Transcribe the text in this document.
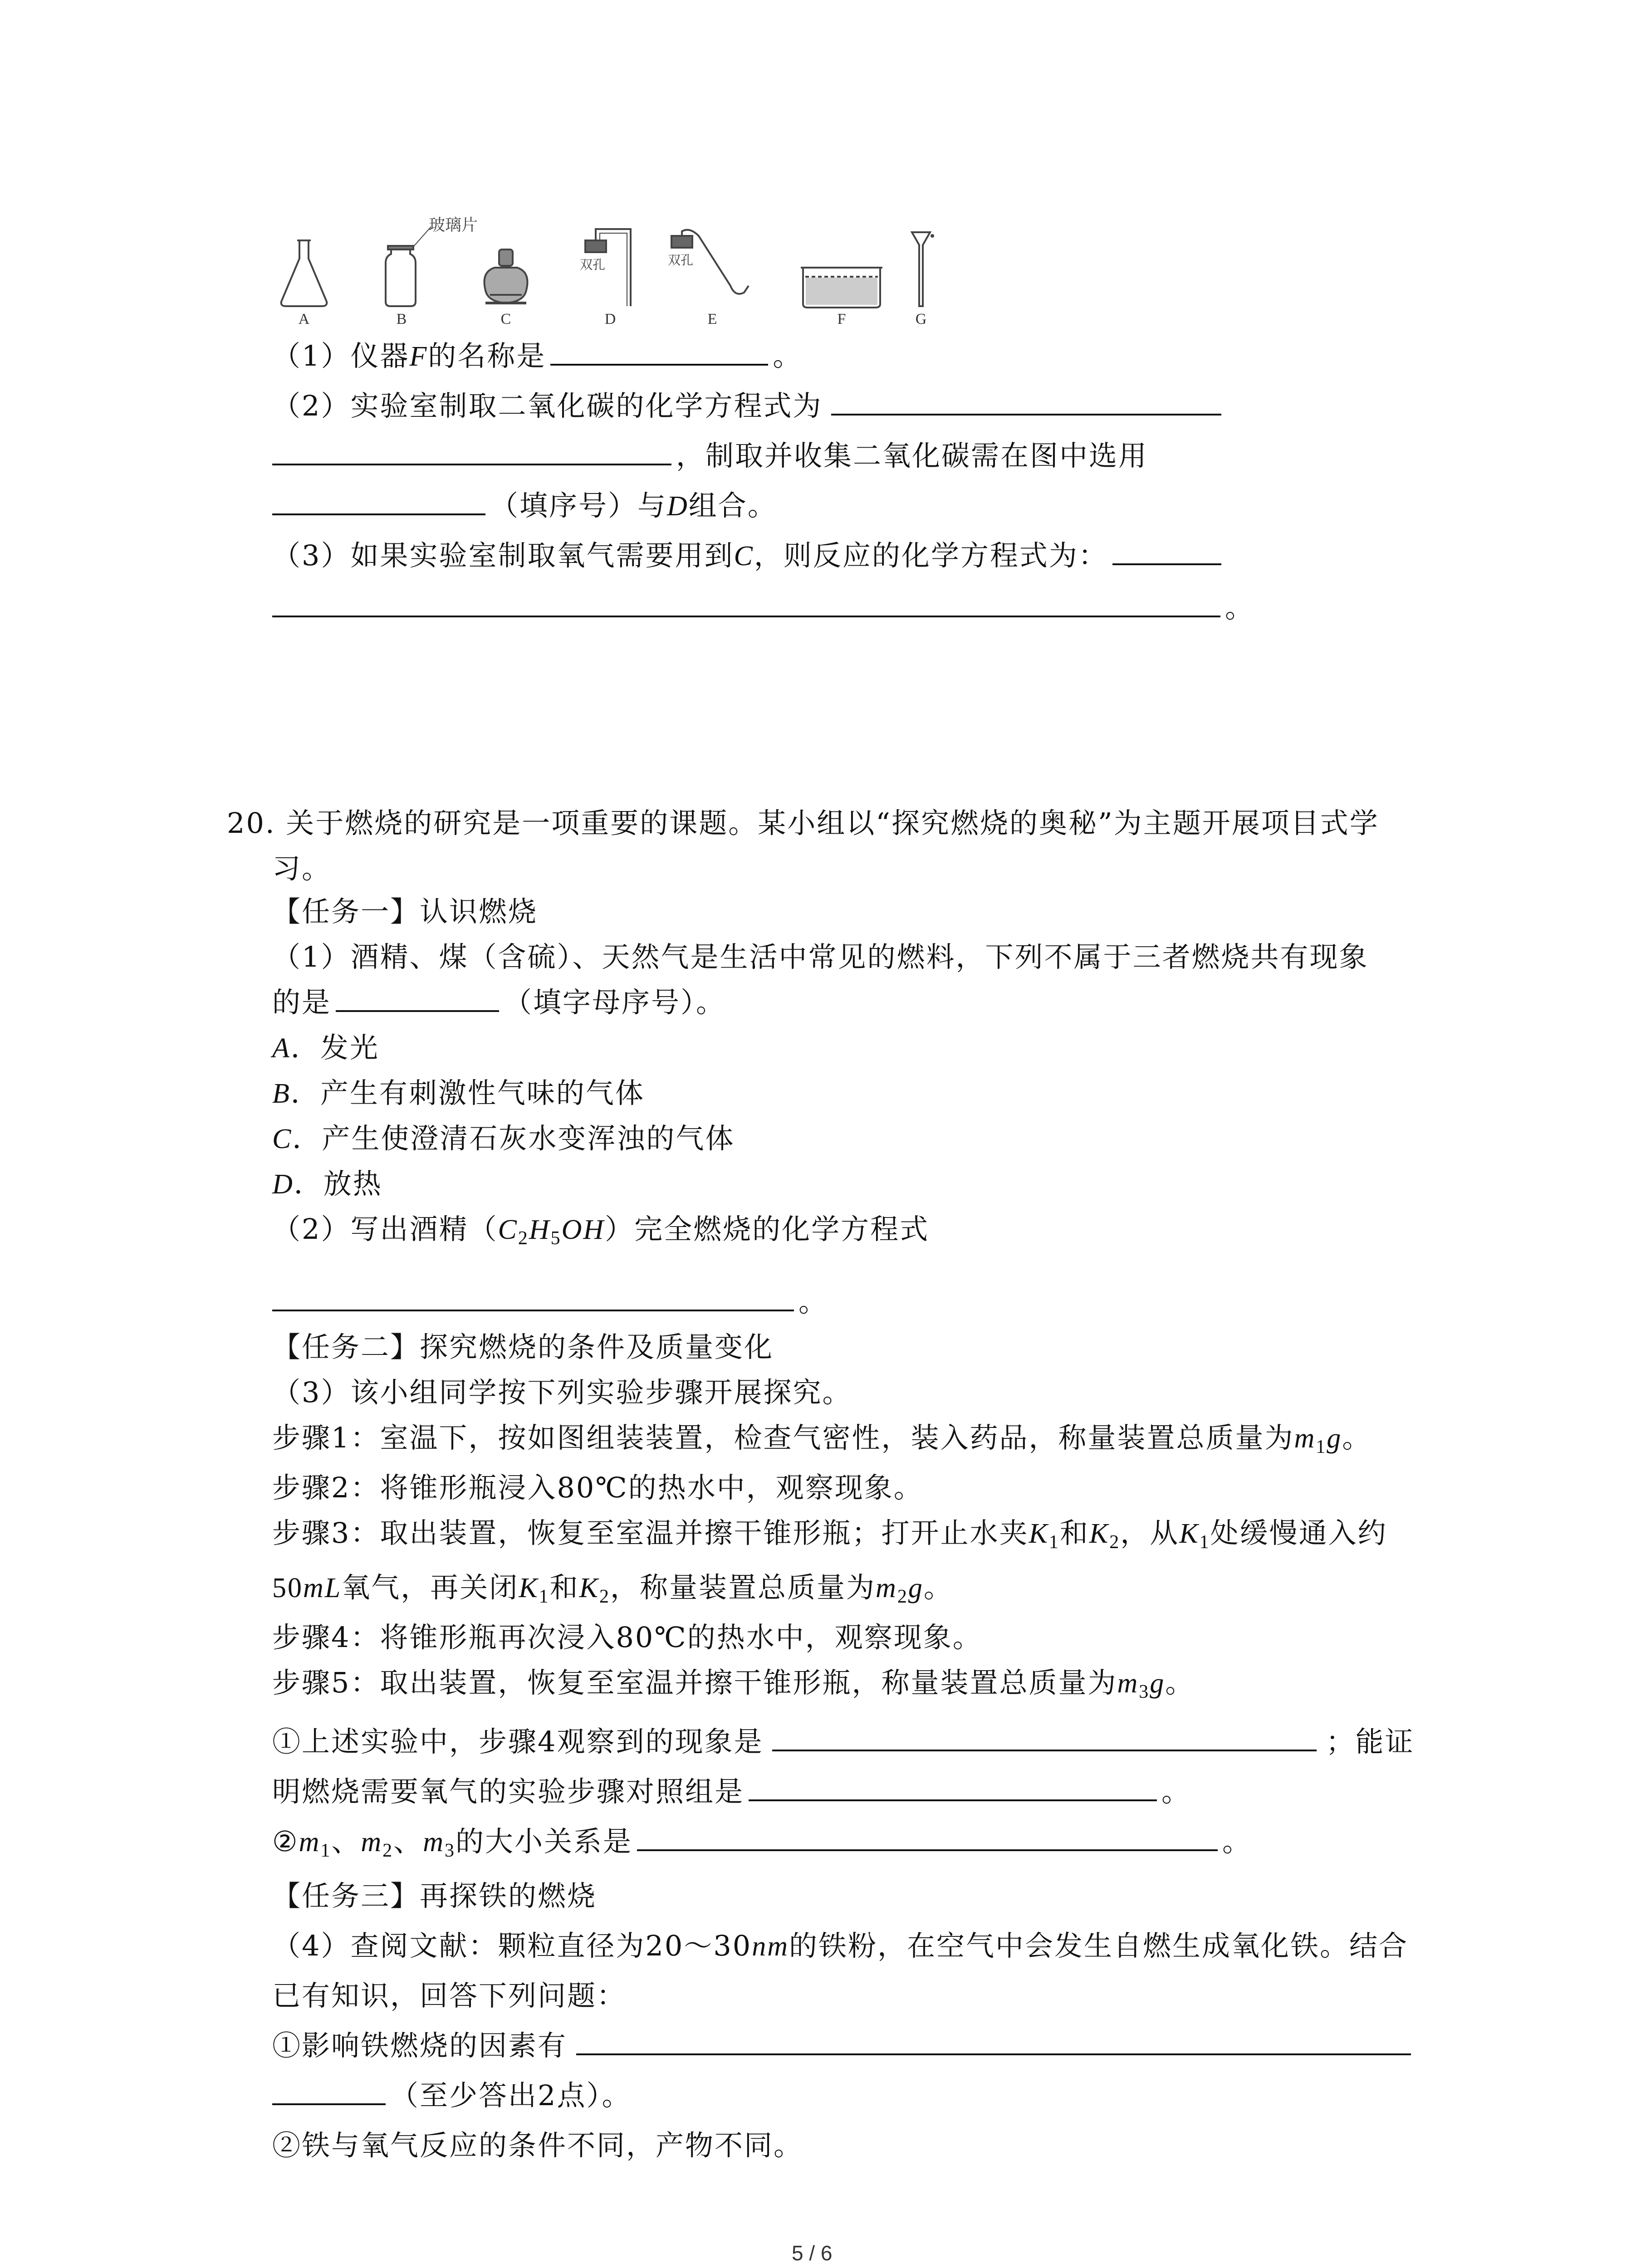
玻璃片
双孔	双孔
A	B	C	D	E	F	G
（1）仪器F的名称是	。
（2）实验室制取二氧化碳的化学方程式为
，制取并收集二氧化碳需在图中选用
（填序号）与D组合。
（3）如果实验室制取氧气需要用到C，则反应的化学方程式为：
。
20. 关于燃烧的研究是一项重要的课题。某小组以“探究燃烧的奥秘”为主题开展项目式学
习。
【任务一】认识燃烧
（1）酒精、煤（含硫）、天然气是生活中常见的燃料，下列不属于三者燃烧共有现象
的是	（填字母序号）。
A．发光
B．产生有刺激性气味的气体
C．产生使澄清石灰水变浑浊的气体
D．放热
（2）写出酒精（C2H5OH）完全燃烧的化学方程式
。
【任务二】探究燃烧的条件及质量变化
（3）该小组同学按下列实验步骤开展探究。
步骤1：室温下，按如图组装装置，检查气密性，装入药品，称量装置总质量为m1g。
步骤2：将锥形瓶浸入80℃的热水中，观察现象。
步骤3：取出装置，恢复至室温并擦干锥形瓶；打开止水夹K1和K2，从K1处缓慢通入约
50mL氧气，再关闭K1和K2，称量装置总质量为m2g。
步骤4：将锥形瓶再次浸入80℃的热水中，观察现象。
步骤5：取出装置，恢复至室温并擦干锥形瓶，称量装置总质量为m3g。
①上述实验中，步骤4观察到的现象是	；能证
明燃烧需要氧气的实验步骤对照组是	。
②m1、m2、m3的大小关系是	。
【任务三】再探铁的燃烧
（4）查阅文献：颗粒直径为20～30nm的铁粉，在空气中会发生自燃生成氧化铁。结合
已有知识，回答下列问题：
①影响铁燃烧的因素有
（至少答出2点）。
②铁与氧气反应的条件不同，产物不同。
5 / 6
